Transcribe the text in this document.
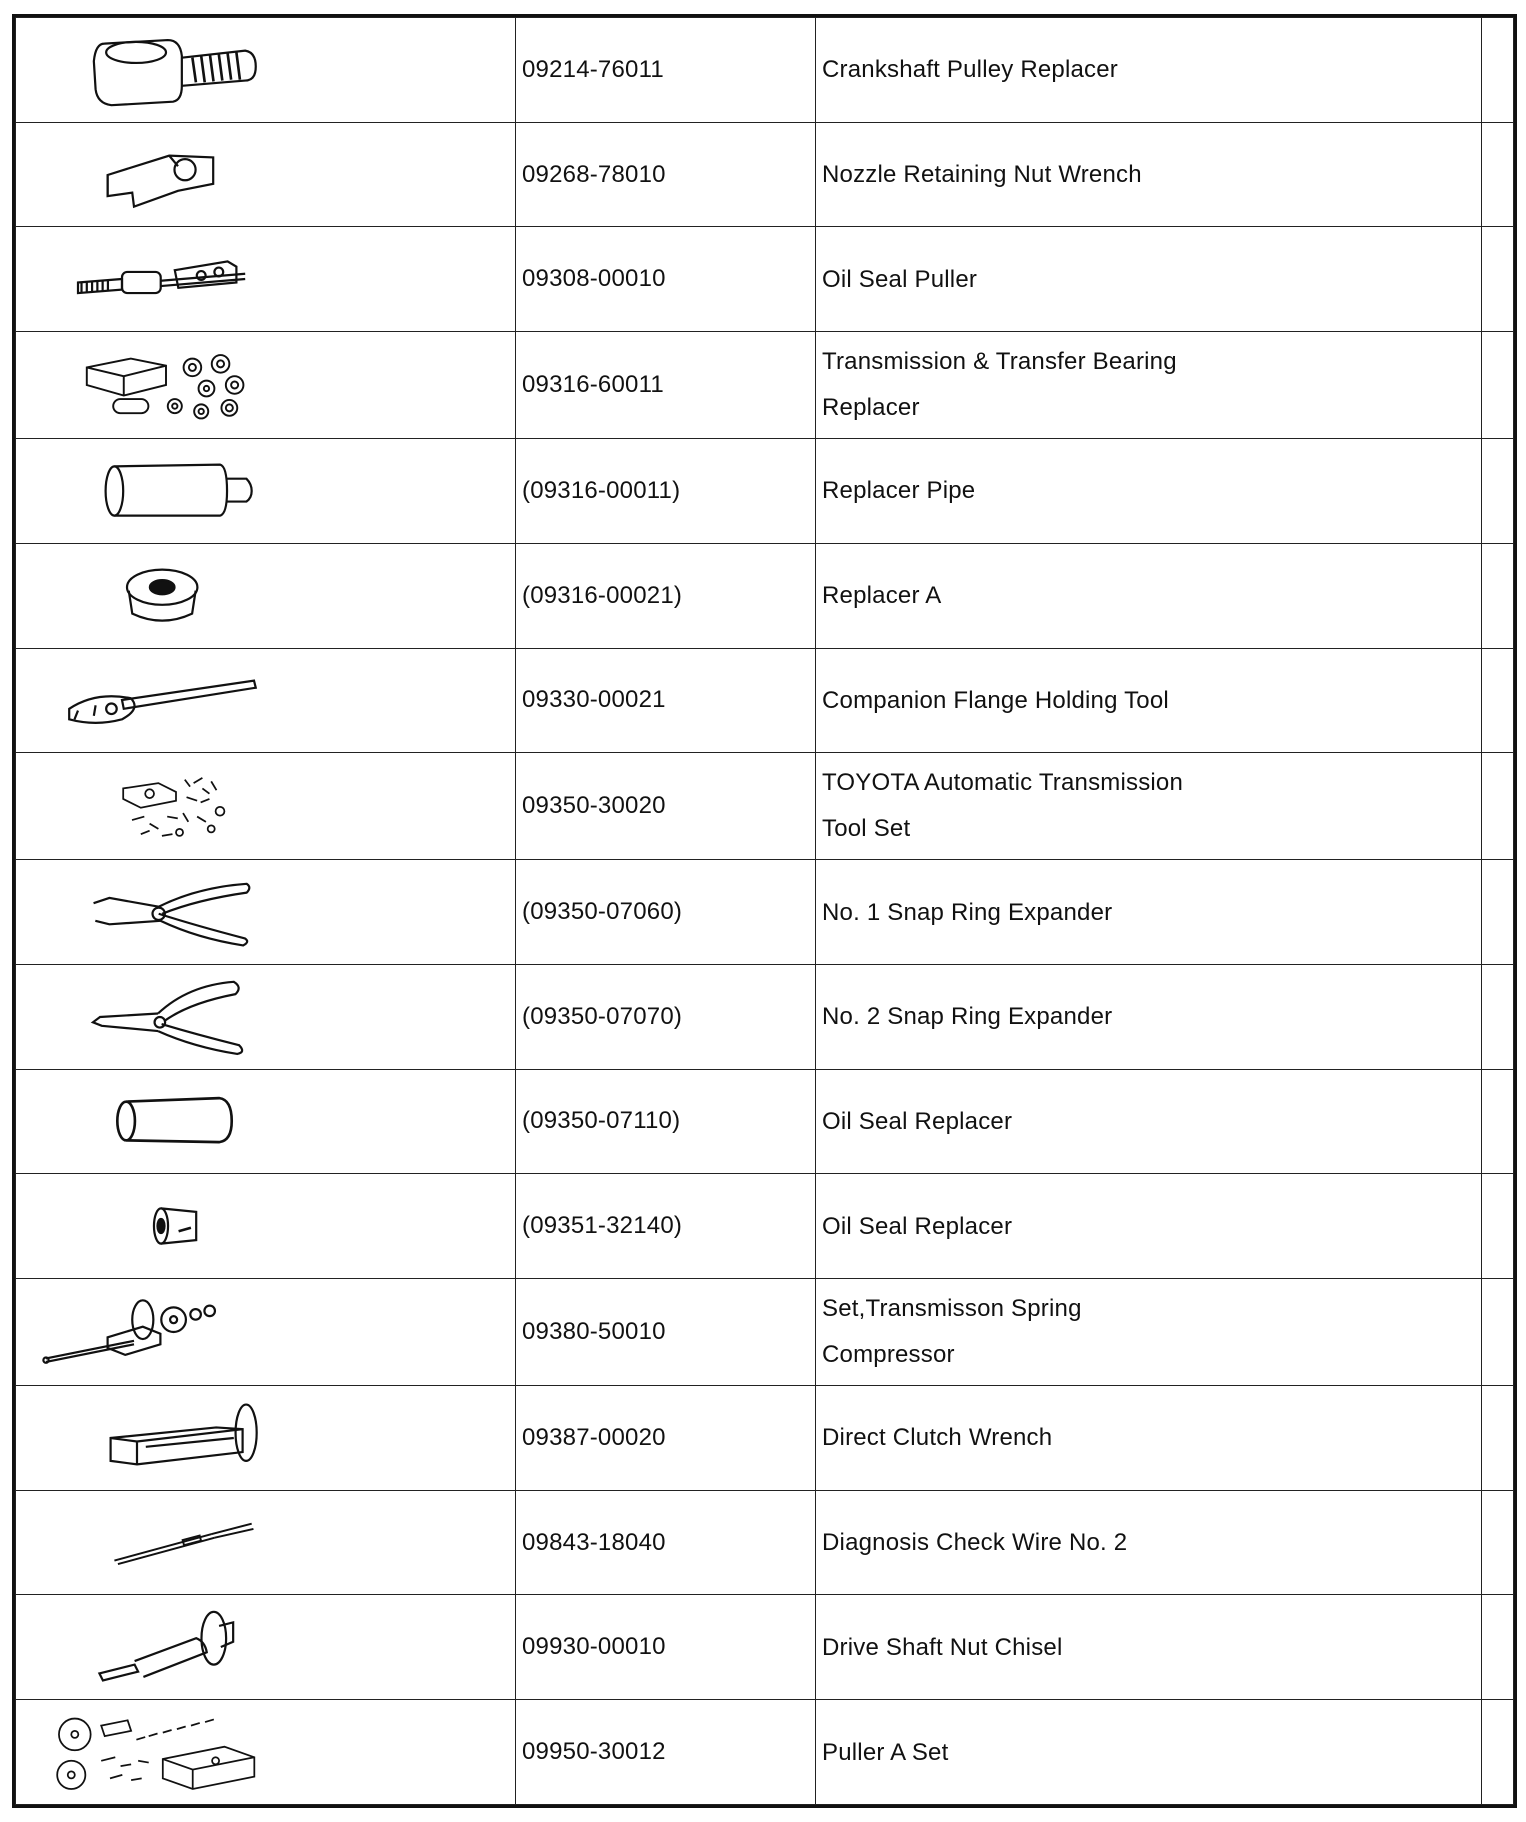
	09214-76011	Crankshaft Pulley Replacer	

	09268-78010	Nozzle Retaining Nut Wrench	

	09308-00010	Oil Seal Puller	

	09316-60011	Transmission & Transfer Bearing
Replacer	

	(09316-00011)	Replacer Pipe	

	(09316-00021)	Replacer A	

	09330-00021	Companion Flange Holding Tool	

	09350-30020	TOYOTA Automatic Transmission
Tool Set	

	(09350-07060)	No. 1 Snap Ring Expander	

	(09350-07070)	No. 2 Snap Ring Expander	

	(09350-07110)	Oil Seal Replacer	

	(09351-32140)	Oil Seal Replacer	

	09380-50010	Set,Transmisson Spring
Compressor	

	09387-00020	Direct Clutch Wrench	

	09843-18040	Diagnosis Check Wire No. 2	

	09930-00010	Drive Shaft Nut Chisel	

	09950-30012	Puller A Set	
